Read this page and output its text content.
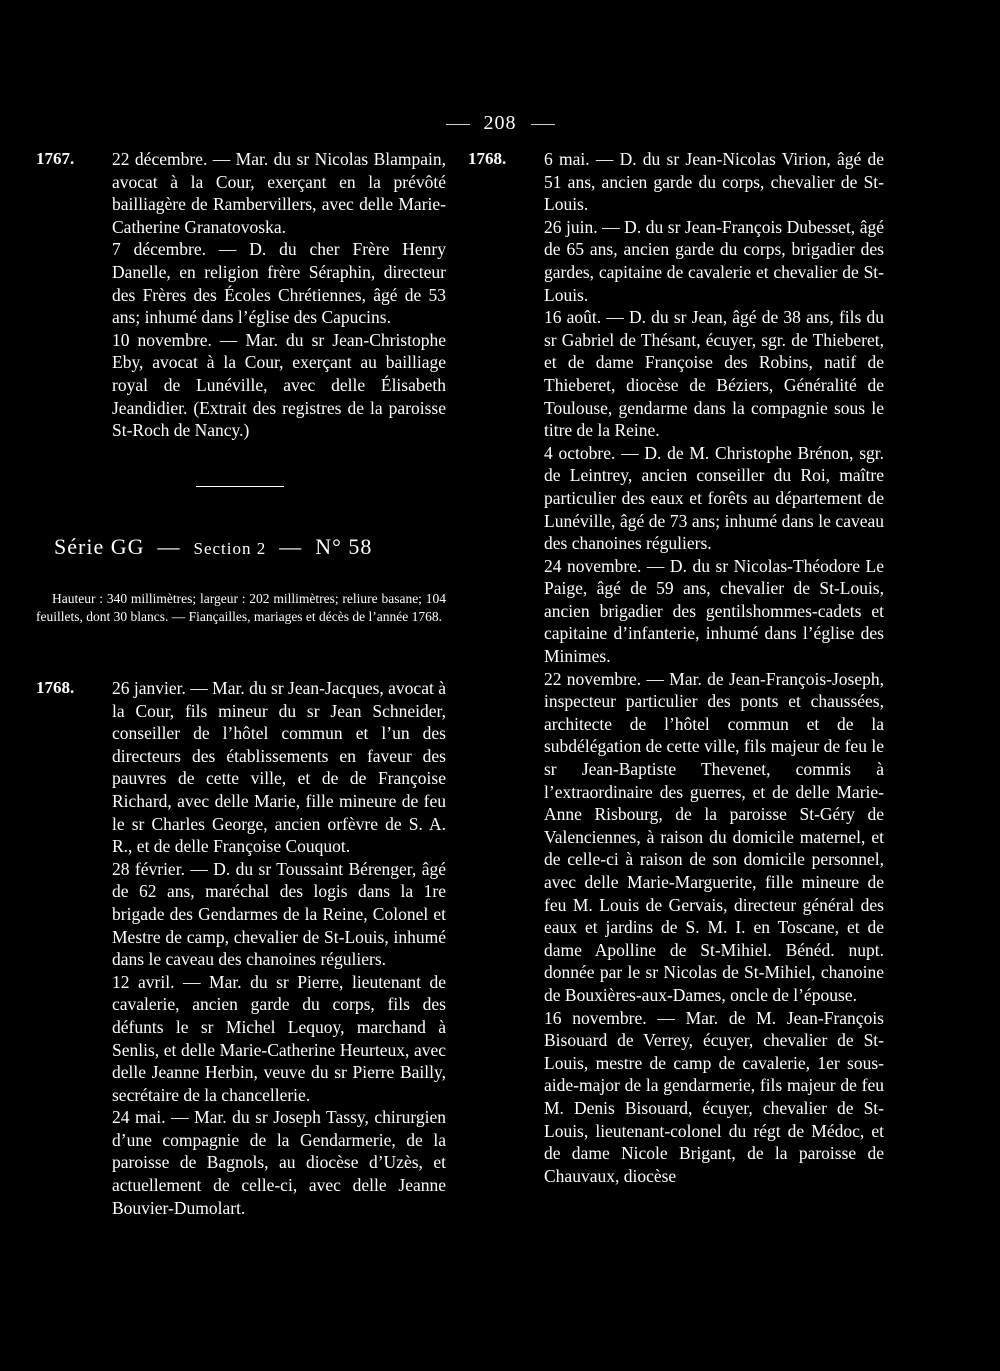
208
1767. 22 décembre. — Mar. du sr Nicolas Blampain, avocat à la Cour, exerçant en la prévôté bailliagère de Rambervillers, avec delle Marie-Catherine Granatovoska.
7 décembre. — D. du cher Frère Henry Danelle, en religion frère Séraphin, directeur des Frères des Écoles Chrétiennes, âgé de 53 ans; inhumé dans l’église des Capucins.
10 novembre. — Mar. du sr Jean-Christophe Eby, avocat à la Cour, exerçant au bailliage royal de Lunéville, avec delle Élisabeth Jeandidier. (Extrait des registres de la paroisse St-Roch de Nancy.)
Série GG  —  Section 2  —  N° 58
Hauteur : 340 millimètres; largeur : 202 millimètres; reliure basane; 104 feuillets, dont 30 blancs. — Fiançailles, mariages et décès de l’année 1768.
1768. 26 janvier. — Mar. du sr Jean-Jacques, avocat à la Cour, fils mineur du sr Jean Schneider, conseiller de l’hôtel commun et l’un des directeurs des établissements en faveur des pauvres de cette ville, et de de Françoise Richard, avec delle Marie, fille mineure de feu le sr Charles George, ancien orfèvre de S. A. R., et de delle Françoise Couquot.
28 février. — D. du sr Toussaint Bérenger, âgé de 62 ans, maréchal des logis dans la 1re brigade des Gendarmes de la Reine, Colonel et Mestre de camp, chevalier de St-Louis, inhumé dans le caveau des chanoines réguliers.
12 avril. — Mar. du sr Pierre, lieutenant de cavalerie, ancien garde du corps, fils des défunts le sr Michel Lequoy, marchand à Senlis, et delle Marie-Catherine Heurteux, avec delle Jeanne Herbin, veuve du sr Pierre Bailly, secrétaire de la chancellerie.
24 mai. — Mar. du sr Joseph Tassy, chirurgien d’une compagnie de la Gendarmerie, de la paroisse de Bagnols, au diocèse d’Uzès, et actuellement de celle-ci, avec delle Jeanne Bouvier-Dumolart.
1768. 6 mai. — D. du sr Jean-Nicolas Virion, âgé de 51 ans, ancien garde du corps, chevalier de St-Louis.
26 juin. — D. du sr Jean-François Dubesset, âgé de 65 ans, ancien garde du corps, brigadier des gardes, capitaine de cavalerie et chevalier de St-Louis.
16 août. — D. du sr Jean, âgé de 38 ans, fils du sr Gabriel de Thésant, écuyer, sgr. de Thieberet, et de dame Françoise des Robins, natif de Thieberet, diocèse de Béziers, Généralité de Toulouse, gendarme dans la compagnie sous le titre de la Reine.
4 octobre. — D. de M. Christophe Brénon, sgr. de Leintrey, ancien conseiller du Roi, maître particulier des eaux et forêts au département de Lunéville, âgé de 73 ans; inhumé dans le caveau des chanoines réguliers.
24 novembre. — D. du sr Nicolas-Théodore Le Paige, âgé de 59 ans, chevalier de St-Louis, ancien brigadier des gentilshommes-cadets et capitaine d’infanterie, inhumé dans l’église des Minimes.
22 novembre. — Mar. de Jean-François-Joseph, inspecteur particulier des ponts et chaussées, architecte de l’hôtel commun et de la subdélégation de cette ville, fils majeur de feu le sr Jean-Baptiste Thevenet, commis à l’extraordinaire des guerres, et de delle Marie-Anne Risbourg, de la paroisse St-Géry de Valenciennes, à raison du domicile maternel, et de celle-ci à raison de son domicile personnel, avec delle Marie-Marguerite, fille mineure de feu M. Louis de Gervais, directeur général des eaux et jardins de S. M. I. en Toscane, et de dame Apolline de St-Mihiel. Bénéd. nupt. donnée par le sr Nicolas de St-Mihiel, chanoine de Bouxières-aux-Dames, oncle de l’épouse.
16 novembre. — Mar. de M. Jean-François Bisouard de Verrey, écuyer, chevalier de St-Louis, mestre de camp de cavalerie, 1er sous-aide-major de la gendarmerie, fils majeur de feu M. Denis Bisouard, écuyer, chevalier de St-Louis, lieutenant-colonel du régt de Médoc, et de dame Nicole Brigant, de la paroisse de Chauvaux, diocèse
